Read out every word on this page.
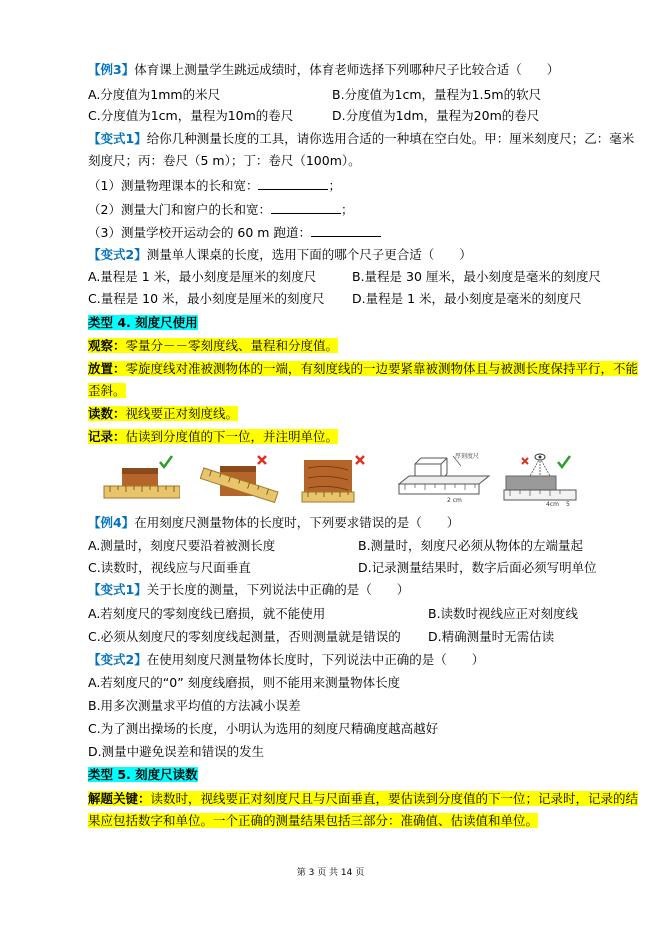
【例3】体育课上测量学生跳远成绩时，体育老师选择下列哪种尺子比较合适（　　）
A.分度值为1mm的米尺	B.分度值为1cm，量程为1.5m的软尺
C.分度值为1cm，量程为10m的卷尺	D.分度值为1dm，量程为20m的卷尺
【变式1】给你几种测量长度的工具，请你选用合适的一种填在空白处。甲：厘米刻度尺；乙：毫米
刻度尺；丙：卷尺（5 m）；丁：卷尺（100m）。
（1）测量物理课本的长和宽：	；
（2）测量大门和窗户的长和宽：	；
（3）测量学校开运动会的 60 m 跑道：
【变式2】测量单人课桌的长度，选用下面的哪个尺子更合适（　　）
A.量程是 1 米，最小刻度是厘米的刻度尺	B.量程是 30 厘米，最小刻度是毫米的刻度尺
C.量程是 10 米，最小刻度是厘米的刻度尺 D.量程是 1 米，最小刻度是毫米的刻度尺
类型 4. 刻度尺使用
观察：零量分－－零刻度线、量程和分度值。
放置：零旋度线对准被测物体的一端，有刻度线的一边要紧靠被测物体且与被测长度保持平行，不能
歪斜。
读数：视线要正对刻度线。
记录：估读到分度值的下一位，并注明单位。
厚刻度尺
2 cm
4cm 5
【例4】在用刻度尺测量物体的长度时，下列要求错误的是（　　）
A.测量时，刻度尺要沿着被测长度	B.测量时，刻度尺必须从物体的左端量起
C.读数时，视线应与尺面垂直	D.记录测量结果时，数字后面必须写明单位
【变式1】关于长度的测量，下列说法中正确的是（　　）
A.若刻度尺的零刻度线已磨损，就不能使用	B.读数时视线应正对刻度线
C.必须从刻度尺的零刻度线起测量，否则测量就是错误的 D.精确测量时无需估读
【变式2】在使用刻度尺测量物体长度时，下列说法中正确的是（　　）
A.若刻度尺的“0” 刻度线磨损，则不能用来测量物体长度
B.用多次测量求平均值的方法减小误差
C.为了测出操场的长度，小明认为选用的刻度尺精确度越高越好
D.测量中避免误差和错误的发生
类型 5. 刻度尺读数
解题关键：读数时，视线要正对刻度尺且与尺面垂直，要估读到分度值的下一位；记录时，记录的结
果应包括数字和单位。一个正确的测量结果包括三部分：准确值、估读值和单位。
第 3 页 共 14 页
